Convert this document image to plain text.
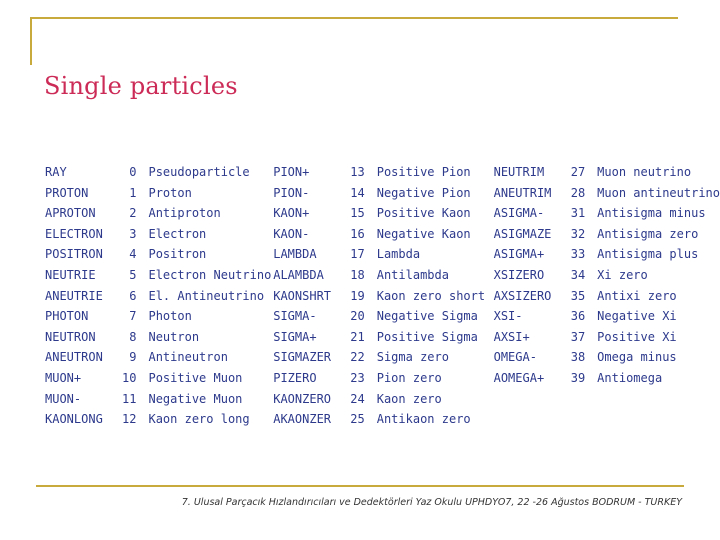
Single particles
RAY	0	Pseudoparticle	PION+	13	Positive Pion	NEUTRIM	27	Muon neutrino
PROTON	1	Proton	PION-	14	Negative Pion	ANEUTRIM	28	Muon antineutrino
APROTON	2	Antiproton	KAON+	15	Positive Kaon	ASIGMA-	31	Antisigma minus
ELECTRON	3	Electron	KAON-	16	Negative Kaon	ASIGMAZE	32	Antisigma zero
POSITRON	4	Positron	LAMBDA	17	Lambda	ASIGMA+	33	Antisigma plus
NEUTRIE	5	Electron Neutrino	ALAMBDA	18	Antilambda	XSIZERO	34	Xi zero
ANEUTRIE	6	El. Antineutrino	KAONSHRT	19	Kaon zero short	AXSIZERO	35	Antixi zero
PHOTON	7	Photon	SIGMA-	20	Negative Sigma	XSI-	36	Negative Xi
NEUTRON	8	Neutron	SIGMA+	21	Positive Sigma	AXSI+	37	Positive Xi
ANEUTRON	9	Antineutron	SIGMAZER	22	Sigma zero	OMEGA-	38	Omega minus
MUON+	10	Positive Muon	PIZERO	23	Pion zero	AOMEGA+	39	Antiomega
MUON-	11	Negative Muon	KAONZERO	24	Kaon zero			
KAONLONG	12	Kaon zero long	AKAONZER	25	Antikaon zero			
7. Ulusal Parçacık Hızlandırıcıları ve Dedektörleri Yaz Okulu UPHDYO7, 22 -26 Ağustos BODRUM - TURKEY
